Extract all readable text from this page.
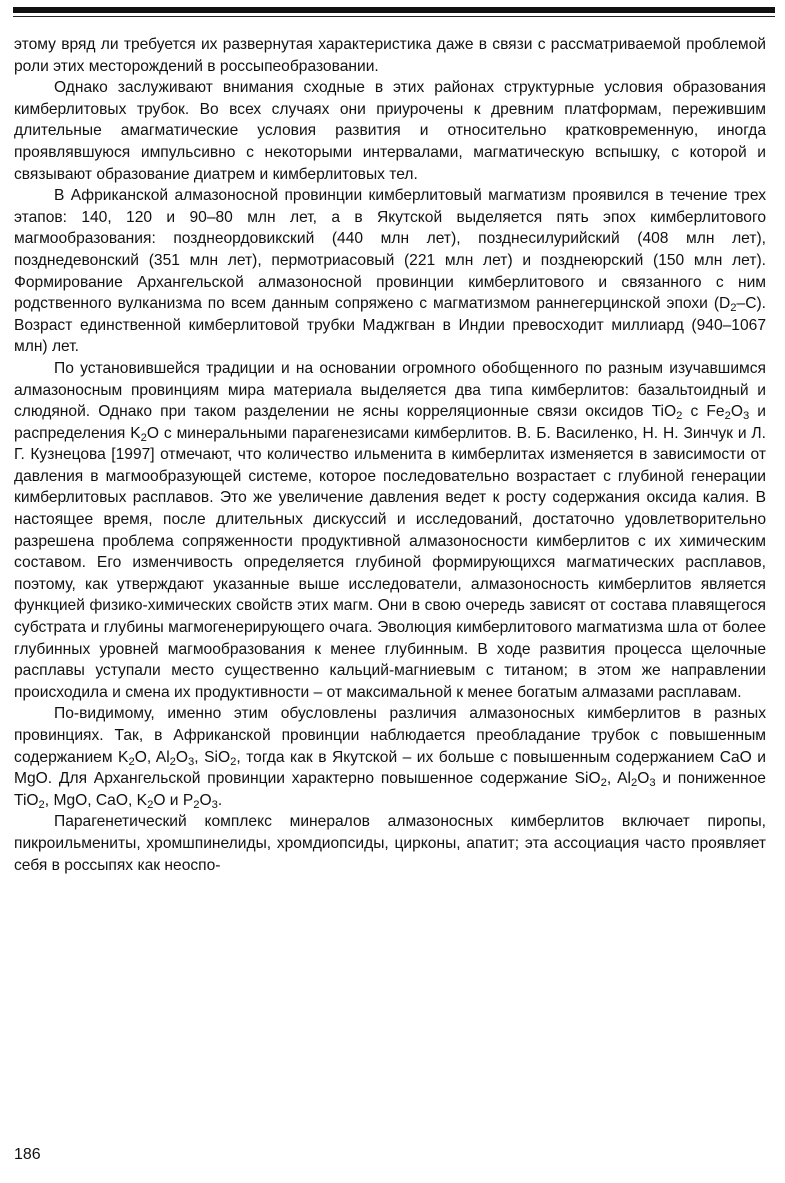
этому вряд ли требуется их развернутая характеристика даже в связи с рассматриваемой проблемой роли этих месторождений в россыпеобразовании.

Однако заслуживают внимания сходные в этих районах структурные условия образования кимберлитовых трубок. Во всех случаях они приурочены к древним платформам, пережившим длительные амагматические условия развития и относительно кратковременную, иногда проявлявшуюся импульсивно с некоторыми интервалами, магматическую вспышку, с которой и связывают образование диатрем и кимберлитовых тел.

В Африканской алмазоносной провинции кимберлитовый магматизм проявился в течение трех этапов: 140, 120 и 90–80 млн лет, а в Якутской выделяется пять эпох кимберлитового магмообразования: позднеордовикский (440 млн лет), позднесилурийский (408 млн лет), позднедевонский (351 млн лет), пермотриасовый (221 млн лет) и позднеюрский (150 млн лет). Формирование Архангельской алмазоносной провинции кимберлитового и связанного с ним родственного вулканизма по всем данным сопряжено с магматизмом раннегерцинской эпохи $(D_2-C)$. Возраст единственной кимберлитовой трубки Маджгван в Индии превосходит миллиард (940–1067 млн) лет.

По установившейся традиции и на основании огромного обобщенного по разным изучавшимся алмазоносным провинциям мира материала выделяется два типа кимберлитов: базальтоидный и слюдяной. Однако при таком разделении не ясны корреляционные связи оксидов TiO$_2$ с $Fe_2O_3$ и распределения $K_2O$ с минеральными парагенезисами кимберлитов. В. Б. Василенко, Н. Н. Зинчук и Л. Г. Кузнецова [1997] отмечают, что количество ильменита в кимберлитах изменяется в зависимости от давления в магмообразующей системе, которое последовательно возрастает с глубиной генерации кимберлитовых расплавов. Это же увеличение давления ведет к росту содержания оксида калия. В настоящее время, после длительных дискуссий и исследований, достаточно удовлетворительно разрешена проблема сопряженности продуктивной алмазоносности кимберлитов с их химическим составом. Его изменчивость определяется глубиной формирующихся магматических расплавов, поэтому, как утверждают указанные выше исследователи, алмазоносность кимберлитов является функцией физико-химических свойств этих магм. Они в свою очередь зависят от состава плавящегося субстрата и глубины магмогенерирующего очага. Эволюция кимберлитового магматизма шла от более глубинных уровней магмообразования к менее глубинным. В ходе развития процесса щелочные расплавы уступали место существенно кальций-магниевым с титаном; в этом же направлении происходила и смена их продуктивности – от максимальной к менее богатым алмазами расплавам.

По-видимому, именно этим обусловлены различия алмазоносных кимберлитов в разных провинциях. Так, в Африканской провинции наблюдается преобладание трубок с повышенным содержанием $K_2O$, $Al_2O_3$, SiO$_2$, тогда как в Якутской – их больше с повышенным содержанием CaO и MgO. Для Архангельской провинции характерно повышенное содержание SiO$_2$, $Al_2O_3$ и пониженное TiO$_2$, MgO, CaO, $K_2O$ и $P_2O_3$.

Парагенетический комплекс минералов алмазоносных кимберлитов включает пиропы, пикроильмениты, хромшпинелиды, хромдиопсиды, цирконы, апатит; эта ассоциация часто проявляет себя в россыпях как неоспо-

186
